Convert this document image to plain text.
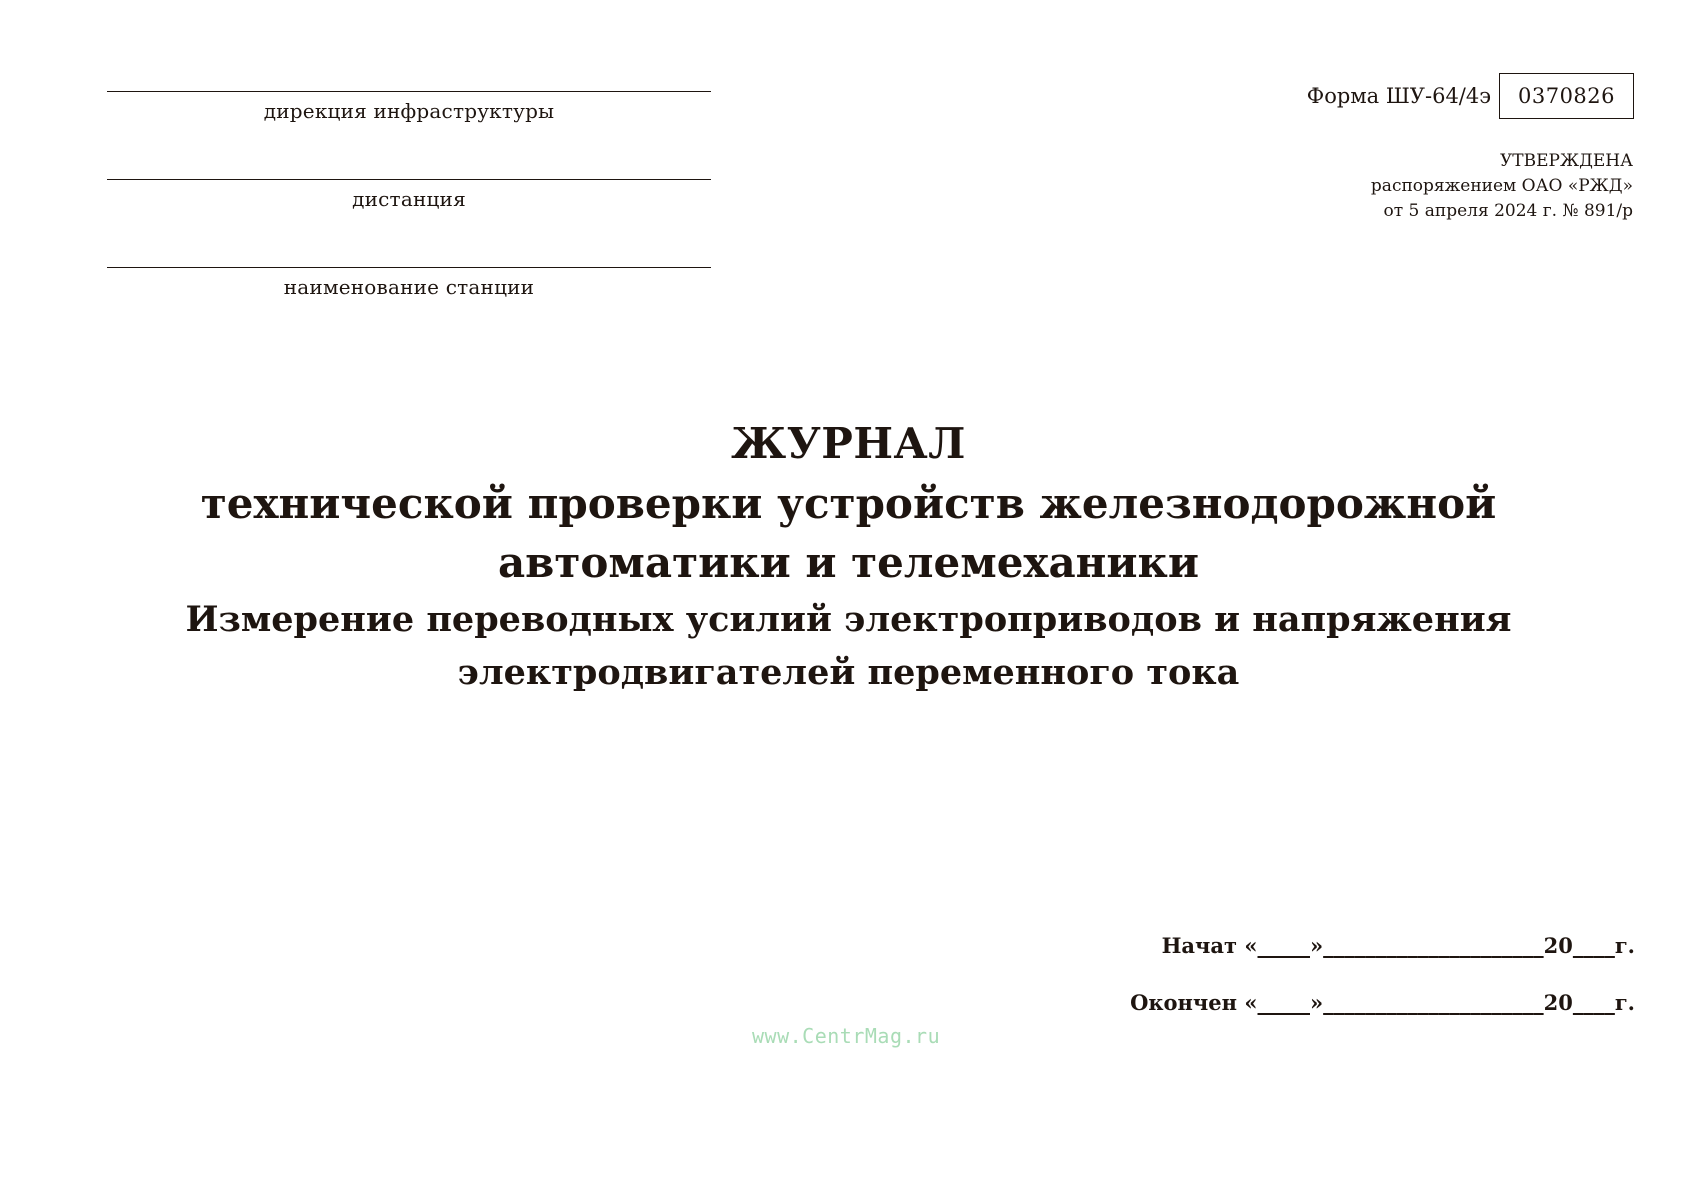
дирекция инфраструктуры
дистанция
наименование станции
Форма ШУ-64/4э	0370826
УТВЕРЖДЕНА
распоряжением ОАО «РЖД»
от 5 апреля 2024 г. № 891/р
ЖУРНАЛ
технической проверки устройств железнодорожной
автоматики и телемеханики
Измерение переводных усилий электроприводов и напряжения
электродвигателей переменного тока
Начат «_____»_____________________20____г.
Окончен «_____»_____________________20____г.
www.CentrMag.ru
